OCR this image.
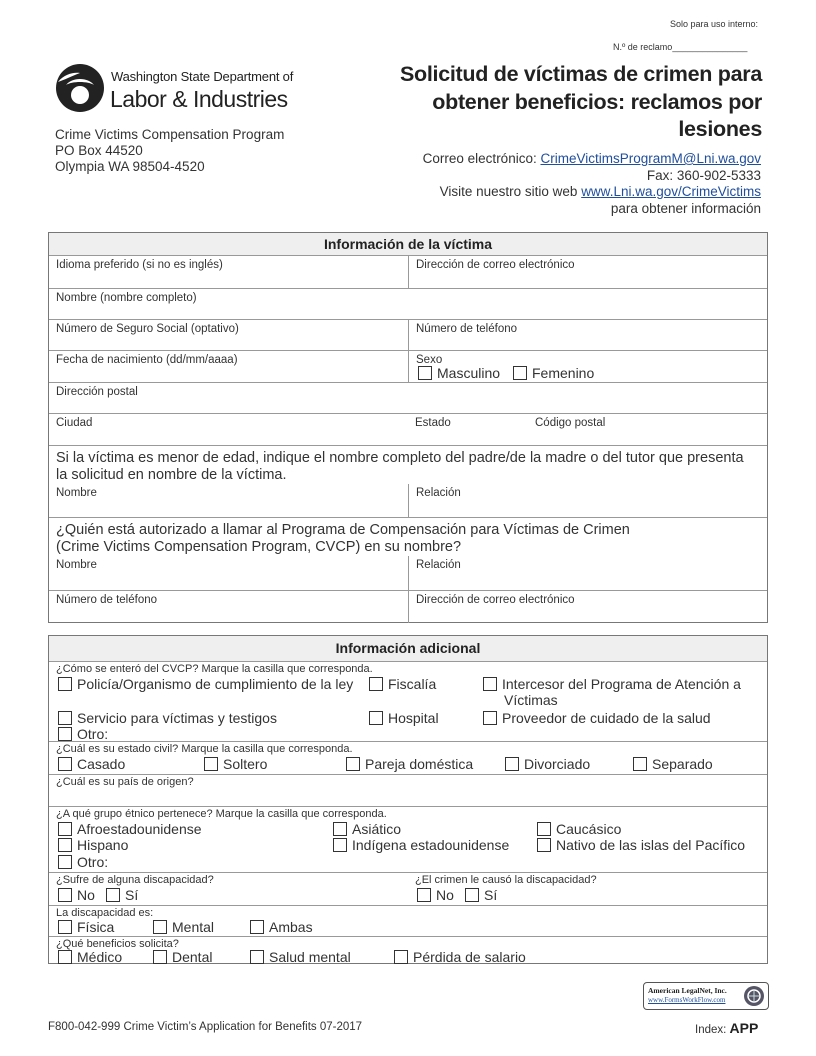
Solo para uso interno:
N.º de reclamo_______________
Washington State Department of
Labor & Industries
Crime Victims Compensation Program
PO Box 44520
Olympia WA 98504-4520
Solicitud de víctimas de crimen para
obtener beneficios: reclamos por
lesiones
Correo electrónico: CrimeVictimsProgramM@Lni.wa.gov
Fax: 360-902-5333
Visite nuestro sitio web www.Lni.wa.gov/CrimeVictims
para obtener información
Información de la víctima
Idioma preferido (si no es inglés)	Dirección de correo electrónico
Nombre (nombre completo)
Número de Seguro Social (optativo)	Número de teléfono
Fecha de nacimiento (dd/mm/aaaa)	Sexo
Masculino	Femenino
Dirección postal
Ciudad	Estado	Código postal
Si la víctima es menor de edad, indique el nombre completo del padre/de la madre o del tutor que presenta
la solicitud en nombre de la víctima.
Nombre	Relación
¿Quién está autorizado a llamar al Programa de Compensación para Víctimas de Crimen
(Crime Victims Compensation Program, CVCP) en su nombre?
Nombre	Relación
Número de teléfono	Dirección de correo electrónico
Información adicional
¿Cómo se enteró del CVCP? Marque la casilla que corresponda.
Policía/Organismo de cumplimiento de la ley	Fiscalía	Intercesor del Programa de Atención a
Víctimas
Servicio para víctimas y testigos	Hospital	Proveedor de cuidado de la salud
Otro:
¿Cuál es su estado civil? Marque la casilla que corresponda.
Casado	Soltero	Pareja doméstica	Divorciado	Separado
¿Cuál es su país de origen?
¿A qué grupo étnico pertenece? Marque la casilla que corresponda.
Afroestadounidense	Asiático	Caucásico
Hispano	Indígena estadounidense	Nativo de las islas del Pacífico
Otro:
¿Sufre de alguna discapacidad?
No	Sí
¿El crimen le causó la discapacidad?
No	Sí
La discapacidad es:
Física	Mental	Ambas
¿Qué beneficios solicita?
Médico	Dental	Salud mental	Pérdida de salario
American LegalNet, Inc.
www.FormsWorkFlow.com
F800-042-999 Crime Victim’s Application for Benefits 07-2017	Index: APP
